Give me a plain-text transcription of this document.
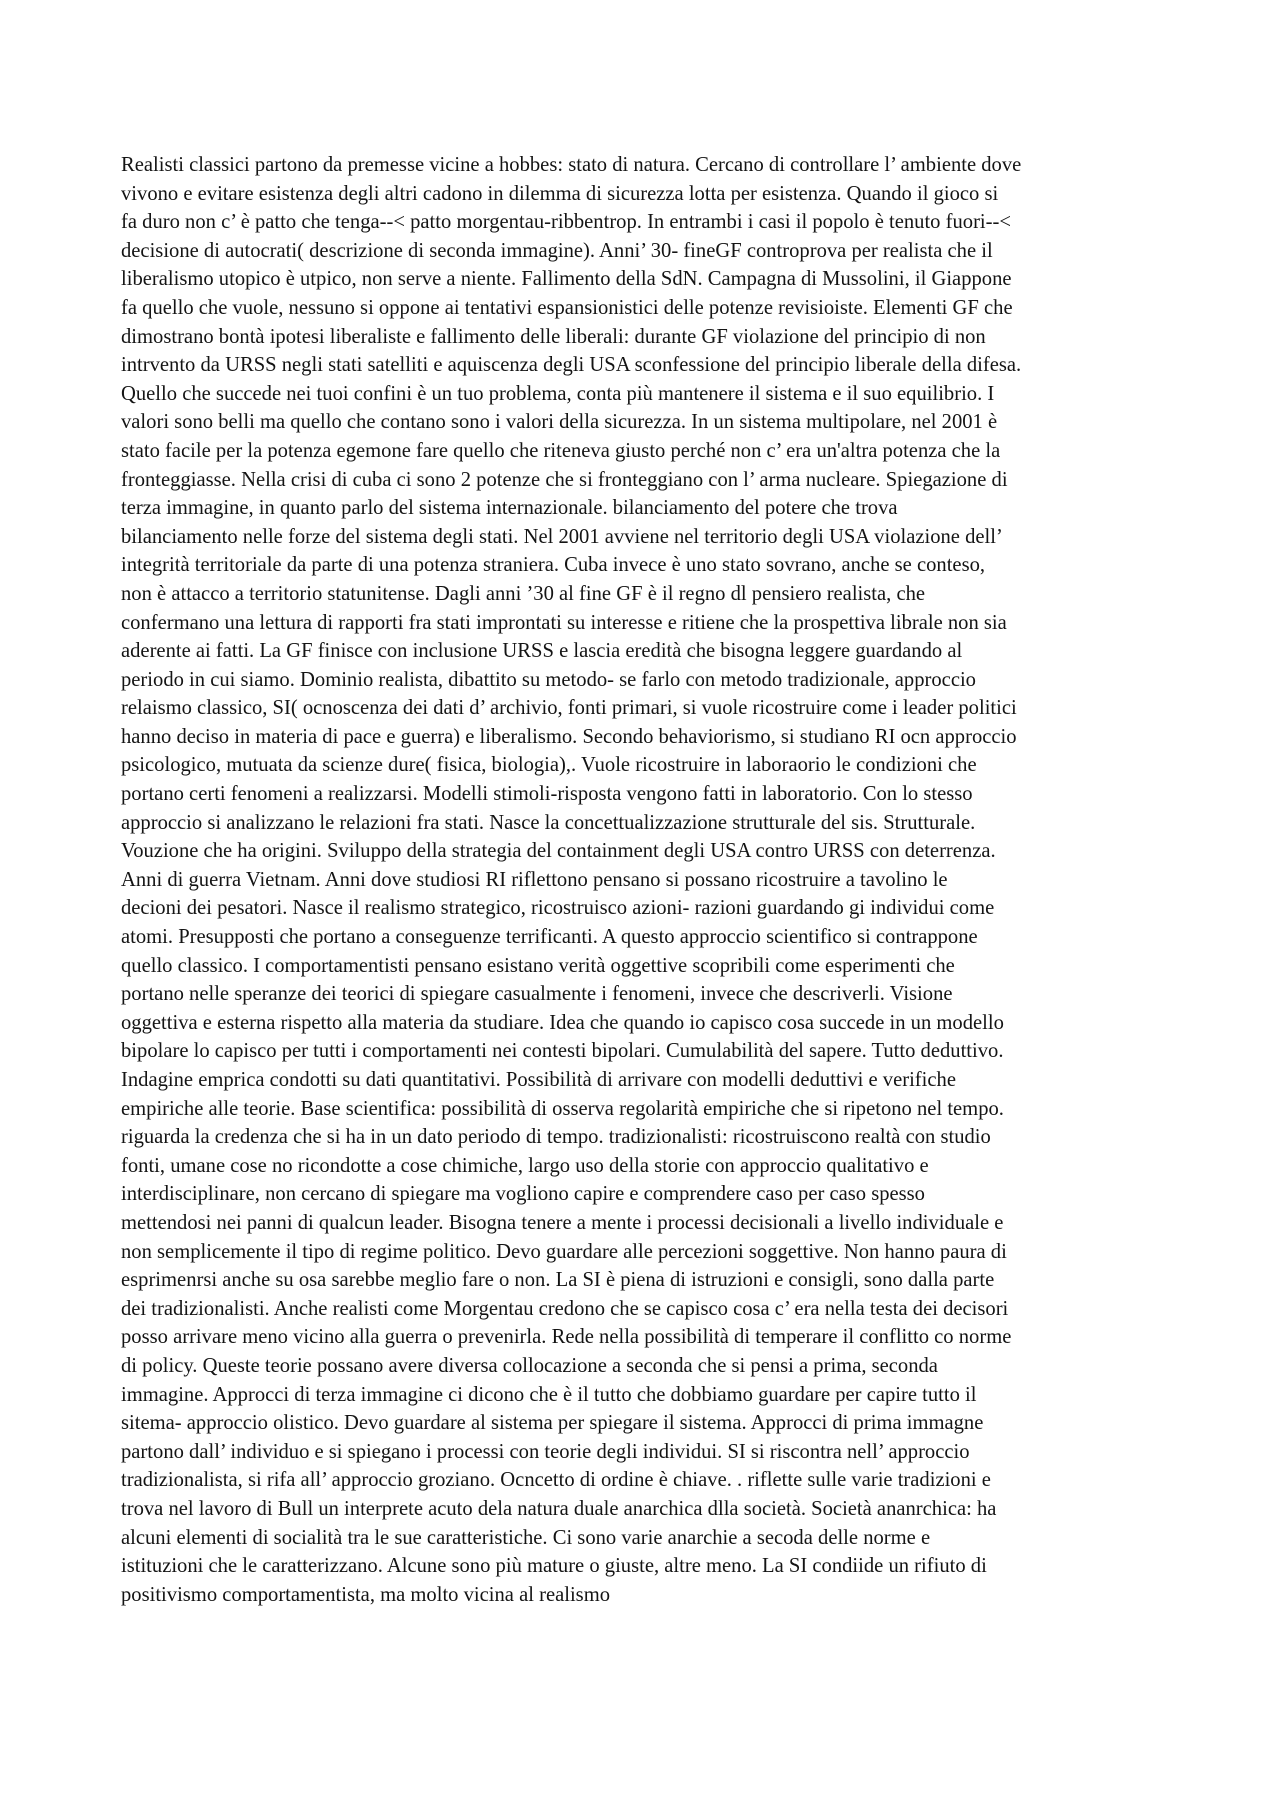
Realisti classici partono da premesse vicine a hobbes: stato di natura. Cercano di controllare l’ ambiente dove
vivono e evitare esistenza degli altri cadono in dilemma di sicurezza lotta per esistenza. Quando il gioco si
fa duro non c’ è patto che tenga--< patto morgentau-ribbentrop. In entrambi i casi il popolo è tenuto fuori--<
decisione di autocrati( descrizione di seconda immagine). Anni’ 30- fineGF controprova per realista che il
liberalismo utopico è utpico, non serve a niente. Fallimento della SdN. Campagna di Mussolini, il Giappone
fa quello che vuole, nessuno si oppone ai tentativi espansionistici delle potenze revisioiste. Elementi GF che
dimostrano bontà ipotesi liberaliste e fallimento delle liberali: durante GF violazione del principio di non
intrvento da URSS negli stati satelliti e aquiscenza degli USA sconfessione del principio liberale della difesa.
Quello che succede nei tuoi confini è un tuo problema, conta più mantenere il sistema e il suo equilibrio. I
valori sono belli ma quello che contano sono i valori della sicurezza. In un sistema multipolare, nel 2001 è
stato facile per la potenza egemone fare quello che riteneva giusto perché non c’ era un'altra potenza che la
fronteggiasse. Nella crisi di cuba ci sono 2 potenze che si fronteggiano con l’ arma nucleare. Spiegazione di
terza immagine, in quanto parlo del sistema internazionale. bilanciamento del potere che trova
bilanciamento nelle forze del sistema degli stati. Nel 2001 avviene nel territorio degli USA violazione dell’
integrità territoriale da parte di una potenza straniera. Cuba invece è uno stato sovrano, anche se conteso,
non è attacco a territorio statunitense. Dagli anni ’30 al fine GF è il regno dl pensiero realista, che
confermano una lettura di rapporti fra stati improntati su interesse e ritiene che la prospettiva librale non sia
aderente ai fatti. La GF finisce con inclusione URSS e lascia eredità che bisogna leggere guardando al
periodo in cui siamo. Dominio realista, dibattito su metodo- se farlo con metodo tradizionale, approccio
relaismo classico, SI( ocnoscenza dei dati d’ archivio, fonti primari, si vuole ricostruire come i leader politici
hanno deciso in materia di pace e guerra) e liberalismo. Secondo behaviorismo, si studiano RI ocn approccio
psicologico, mutuata da scienze dure( fisica, biologia),. Vuole ricostruire in laboraorio le condizioni che
portano certi fenomeni a realizzarsi. Modelli stimoli-risposta vengono fatti in laboratorio. Con lo stesso
approccio si analizzano le relazioni fra stati. Nasce la concettualizzazione strutturale del sis. Strutturale.
Vouzione che ha origini. Sviluppo della strategia del containment degli USA contro URSS con deterrenza.
Anni di guerra Vietnam. Anni dove studiosi RI riflettono pensano si possano ricostruire a tavolino le
decioni dei pesatori. Nasce il realismo strategico, ricostruisco azioni- razioni guardando gi individui come
atomi. Presupposti che portano a conseguenze terrificanti. A questo approccio scientifico si contrappone
quello classico. I comportamentisti pensano esistano verità oggettive scopribili come esperimenti che
portano nelle speranze dei teorici di spiegare casualmente i fenomeni, invece che descriverli. Visione
oggettiva e esterna rispetto alla materia da studiare. Idea che quando io capisco cosa succede in un modello
bipolare lo capisco per tutti i comportamenti nei contesti bipolari. Cumulabilità del sapere. Tutto deduttivo.
Indagine emprica condotti su dati quantitativi. Possibilità di arrivare con modelli deduttivi e verifiche
empiriche alle teorie. Base scientifica: possibilità di osserva regolarità empiriche che si ripetono nel tempo.
riguarda la credenza che si ha in un dato periodo di tempo. tradizionalisti: ricostruiscono realtà con studio
fonti, umane cose no ricondotte a cose chimiche, largo uso della storie con approccio qualitativo e
interdisciplinare, non cercano di spiegare ma vogliono capire e comprendere caso per caso spesso
mettendosi nei panni di qualcun leader. Bisogna tenere a mente i processi decisionali a livello individuale e
non semplicemente il tipo di regime politico. Devo guardare alle percezioni soggettive. Non hanno paura di
esprimenrsi anche su osa sarebbe meglio fare o non. La SI è piena di istruzioni e consigli, sono dalla parte
dei tradizionalisti. Anche realisti come Morgentau credono che se capisco cosa c’ era nella testa dei decisori
posso arrivare meno vicino alla guerra o prevenirla. Rede nella possibilità di temperare il conflitto co norme
di policy. Queste teorie possano avere diversa collocazione a seconda che si pensi a prima, seconda
immagine. Approcci di terza immagine ci dicono che è il tutto che dobbiamo guardare per capire tutto il
sitema- approccio olistico. Devo guardare al sistema per spiegare il sistema. Approcci di prima immagne
partono dall’ individuo e si spiegano i processi con teorie degli individui. SI si riscontra nell’ approccio
tradizionalista, si rifa all’ approccio groziano. Ocncetto di ordine è chiave. . riflette sulle varie tradizioni e
trova nel lavoro di Bull un interprete acuto dela natura duale anarchica dlla società. Società ananrchica: ha
alcuni elementi di socialità tra le sue caratteristiche. Ci sono varie anarchie a secoda delle norme e
istituzioni che le caratterizzano. Alcune sono più mature o giuste, altre meno. La SI condiide un rifiuto di
positivismo comportamentista, ma molto vicina al realismo
